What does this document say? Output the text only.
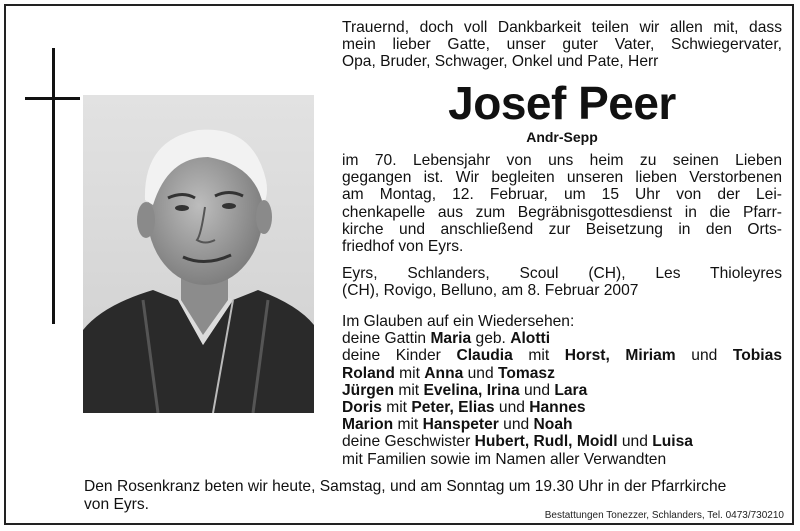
Trauernd, doch voll Dankbarkeit teilen wir allen mit, dass

mein lieber Gatte, unser guter Vater, Schwiegervater,

Opa, Bruder, Schwager, Onkel und Pate, Herr

Josef Peer

Andr-Sepp

im 70. Lebensjahr von uns heim zu seinen Lieben

gegangen ist. Wir begleiten unseren lieben Verstorbenen

am Montag, 12. Februar, um 15 Uhr von der Lei-

chenkapelle aus zum Begräbnisgottesdienst in die Pfarr-

kirche und anschließend zur Beisetzung in den Orts-

friedhof von Eyrs.

Eyrs, Schlanders, Scoul (CH), Les Thioleyres

(CH), Rovigo, Belluno, am 8. Februar 2007

Im Glauben auf ein Wiedersehen:

deine Gattin Maria geb. Alotti

deine Kinder Claudia mit Horst, Miriam und Tobias

Roland mit Anna und Tomasz

Jürgen mit Evelina, Irina und Lara

Doris mit Peter, Elias und Hannes

Marion mit Hanspeter und Noah

deine Geschwister Hubert, Rudl, Moidl und Luisa

mit Familien sowie im Namen aller Verwandten

Den Rosenkranz beten wir heute, Samstag, und am Sonntag um 19.30 Uhr in der Pfarrkirche

von Eyrs.

Bestattungen Tonezzer, Schlanders, Tel. 0473/730210
